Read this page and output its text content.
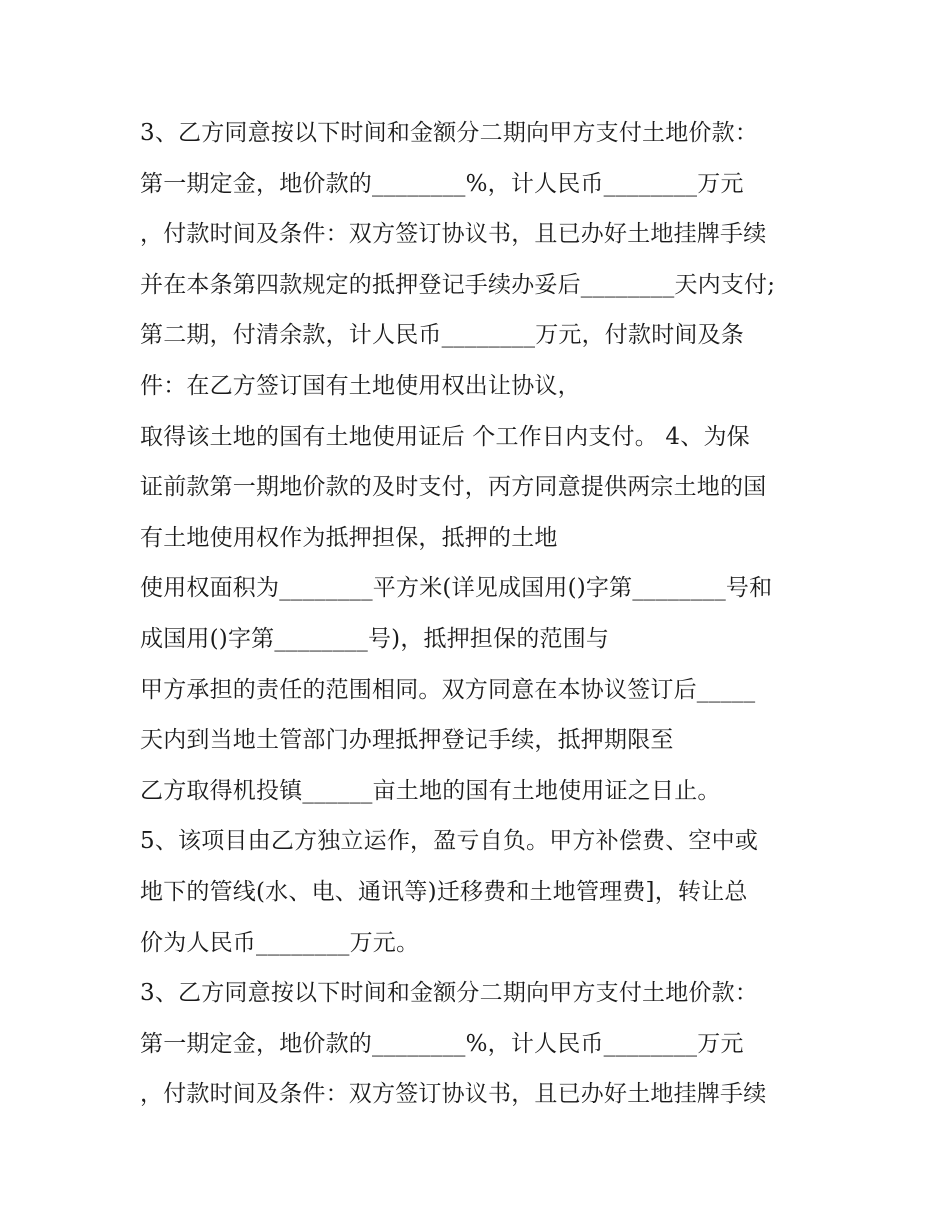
3、乙方同意按以下时间和金额分二期向甲方支付土地价款：
第一期定金，地价款的________%，计人民币________万元
，付款时间及条件：双方签订协议书，且已办好土地挂牌手续
并在本条第四款规定的抵押登记手续办妥后________天内支付;
第二期，付清余款，计人民币________万元，付款时间及条
件：在乙方签订国有土地使用权出让协议，
取得该土地的国有土地使用证后 个工作日内支付。 4、为保
证前款第一期地价款的及时支付，丙方同意提供两宗土地的国
有土地使用权作为抵押担保，抵押的土地
使用权面积为________平方米(详见成国用()字第________号和
成国用()字第________号)，抵押担保的范围与
甲方承担的责任的范围相同。双方同意在本协议签订后_____
天内到当地土管部门办理抵押登记手续，抵押期限至
乙方取得机投镇______亩土地的国有土地使用证之日止。
5、该项目由乙方独立运作，盈亏自负。甲方补偿费、空中或
地下的管线(水、电、通讯等)迁移费和土地管理费]，转让总
价为人民币________万元。
3、乙方同意按以下时间和金额分二期向甲方支付土地价款：
第一期定金，地价款的________%，计人民币________万元
，付款时间及条件：双方签订协议书，且已办好土地挂牌手续
